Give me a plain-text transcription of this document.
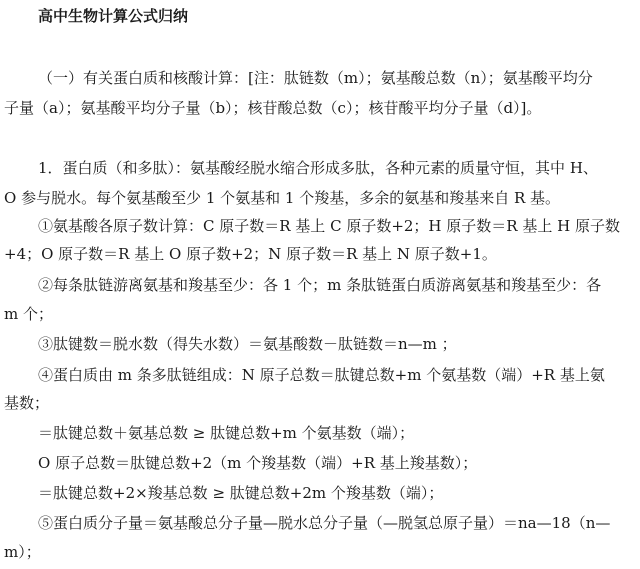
高中生物计算公式归纳
（一）有关蛋白质和核酸计算：[注：肽链数（m）；氨基酸总数（n）；氨基酸平均分
子量（a）；氨基酸平均分子量（b）；核苷酸总数（c）；核苷酸平均分子量（d）]。
1．蛋白质（和多肽）：氨基酸经脱水缩合形成多肽，各种元素的质量守恒，其中 H、
O 参与脱水。每个氨基酸至少 1 个氨基和 1 个羧基，多余的氨基和羧基来自 R 基。
①氨基酸各原子数计算：C 原子数＝R 基上 C 原子数+2；H 原子数＝R 基上 H 原子数
+4；O 原子数＝R 基上 O 原子数+2；N 原子数＝R 基上 N 原子数+1。
②每条肽链游离氨基和羧基至少：各 1 个；m 条肽链蛋白质游离氨基和羧基至少：各
m 个；
③肽键数＝脱水数（得失水数）＝氨基酸数－肽链数＝n—m ；
④蛋白质由 m 条多肽链组成：N 原子总数＝肽键总数+m 个氨基数（端）+R 基上氨
基数；
＝肽键总数＋氨基总数 ≥ 肽键总数+m 个氨基数（端）；
O 原子总数＝肽键总数+2（m 个羧基数（端）+R 基上羧基数）；
＝肽键总数+2×羧基总数 ≥ 肽键总数+2m 个羧基数（端）；
⑤蛋白质分子量＝氨基酸总分子量—脱水总分子量（—脱氢总原子量）＝na—18（n—
m）；
